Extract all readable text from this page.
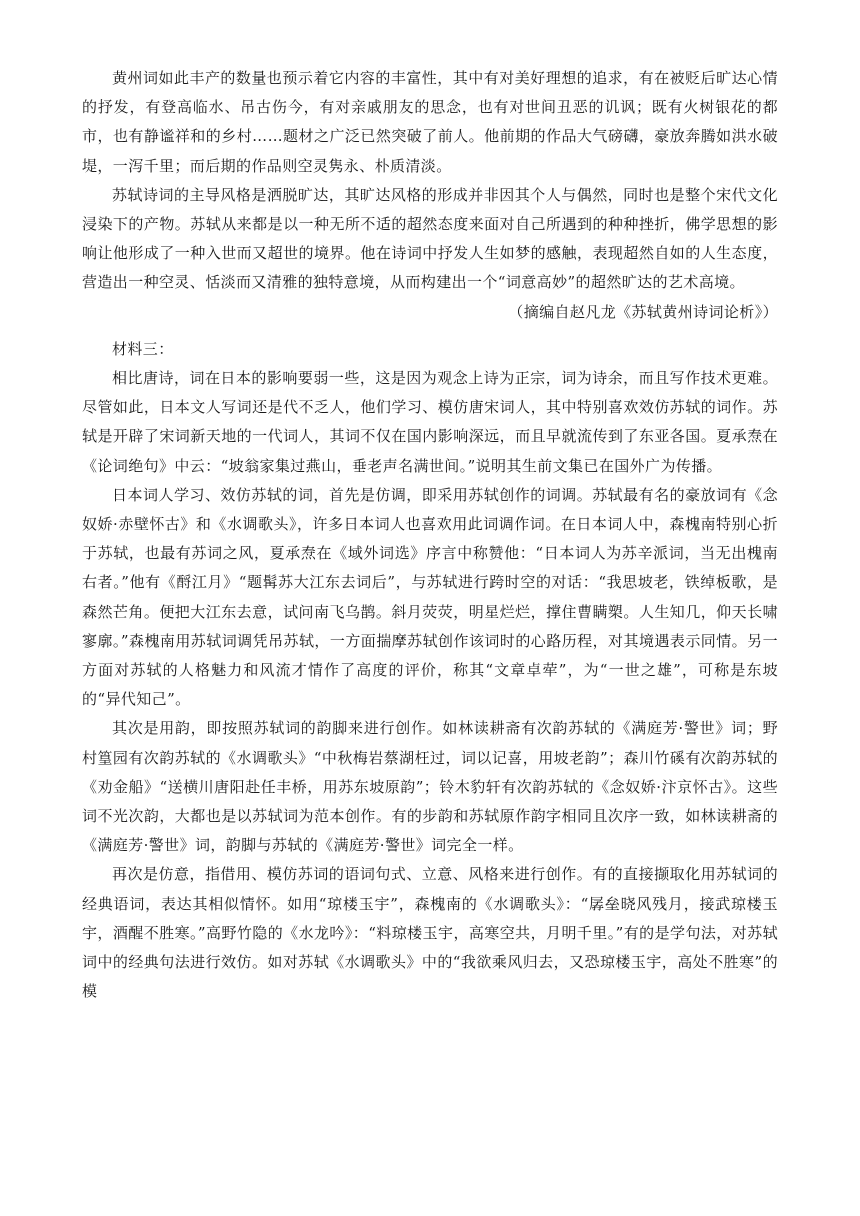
黄州词如此丰产的数量也预示着它内容的丰富性，其中有对美好理想的追求，有在被贬后旷达心情的抒发，有登高临水、吊古伤今，有对亲戚朋友的思念，也有对世间丑恶的讥讽；既有火树银花的都市，也有静谧祥和的乡村……题材之广泛已然突破了前人。他前期的作品大气磅礴，豪放奔腾如洪水破堤，一泻千里；而后期的作品则空灵隽永、朴质清淡。

苏轼诗词的主导风格是洒脱旷达，其旷达风格的形成并非因其个人与偶然，同时也是整个宋代文化浸染下的产物。苏轼从来都是以一种无所不适的超然态度来面对自己所遇到的种种挫折，佛学思想的影响让他形成了一种入世而又超世的境界。他在诗词中抒发人生如梦的感触，表现超然自如的人生态度，营造出一种空灵、恬淡而又清雅的独特意境，从而构建出一个“词意高妙”的超然旷达的艺术高境。

（摘编自赵凡龙《苏轼黄州诗词论析》）

材料三：

相比唐诗，词在日本的影响要弱一些，这是因为观念上诗为正宗，词为诗余，而且写作技术更难。尽管如此，日本文人写词还是代不乏人，他们学习、模仿唐宋词人，其中特别喜欢效仿苏轼的词作。苏轼是开辟了宋词新天地的一代词人，其词不仅在国内影响深远，而且早就流传到了东亚各国。夏承焘在《论词绝句》中云：“坡翁家集过燕山，垂老声名满世间。”说明其生前文集已在国外广为传播。

日本词人学习、效仿苏轼的词，首先是仿调，即采用苏轼创作的词调。苏轼最有名的豪放词有《念奴娇·赤壁怀古》和《水调歌头》，许多日本词人也喜欢用此词调作词。在日本词人中，森槐南特别心折于苏轼，也最有苏词之风，夏承焘在《域外词选》序言中称赞他：“日本词人为苏辛派词，当无出槐南右者。”他有《酹江月》“题髯苏大江东去词后”，与苏轼进行跨时空的对话：“我思坡老，铁绰板歌，是森然芒角。便把大江东去意，试问南飞乌鹊。斜月荧荧，明星烂烂，撑住曹瞒槊。人生知几，仰天长啸寥廓。”森槐南用苏轼词调凭吊苏轼，一方面揣摩苏轼创作该词时的心路历程，对其境遇表示同情。另一方面对苏轼的人格魅力和风流才情作了高度的评价，称其“文章卓荦”，为“一世之雄”，可称是东坡的“异代知己”。

其次是用韵，即按照苏轼词的韵脚来进行创作。如林读耕斋有次韵苏轼的《满庭芳·警世》词；野村篁园有次韵苏轼的《水调歌头》“中秋梅岩蔡湖枉过，词以记喜，用坡老韵”；森川竹磎有次韵苏轼的《劝金船》“送横川唐阳赴任丰桥，用苏东坡原韵”；铃木豹轩有次韵苏轼的《念奴娇·汴京怀古》。这些词不光次韵，大都也是以苏轼词为范本创作。有的步韵和苏轼原作韵字相同且次序一致，如林读耕斋的《满庭芳·警世》词，韵脚与苏轼的《满庭芳·警世》词完全一样。

再次是仿意，指借用、模仿苏词的语词句式、立意、风格来进行创作。有的直接撷取化用苏轼词的经典语词，表达其相似情怀。如用“琼楼玉宇”，森槐南的《水调歌头》：“孱垒晓风残月，接武琼楼玉宇，酒醒不胜寒。”高野竹隐的《水龙吟》：“料琼楼玉宇，高寒空共，月明千里。”有的是学句法，对苏轼词中的经典句法进行效仿。如对苏轼《水调歌头》中的“我欲乘风归去，又恐琼楼玉宇，高处不胜寒”的模
